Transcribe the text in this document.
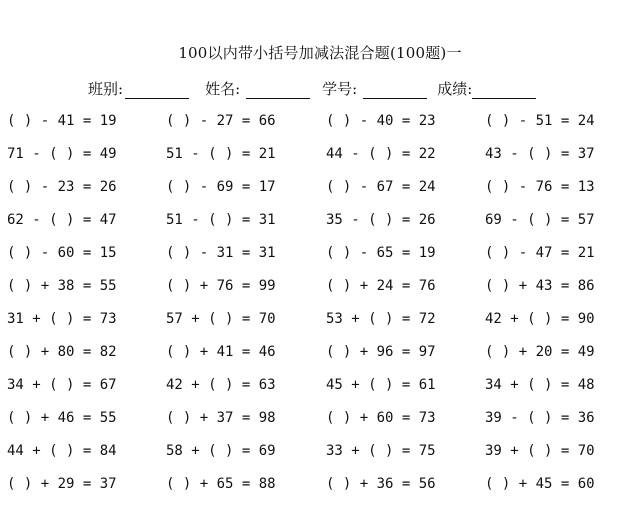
100以内带小括号加减法混合题(100题)一
班别:	姓名:	学号:	成绩:
( ) - 41 = 19	( ) - 27 = 66	( ) - 40 = 23	( ) - 51 = 24
71 - ( ) = 49	51 - ( ) = 21	44 - ( ) = 22	43 - ( ) = 37
( ) - 23 = 26	( ) - 69 = 17	( ) - 67 = 24	( ) - 76 = 13
62 - ( ) = 47	51 - ( ) = 31	35 - ( ) = 26	69 - ( ) = 57
( ) - 60 = 15	( ) - 31 = 31	( ) - 65 = 19	( ) - 47 = 21
( ) + 38 = 55	( ) + 76 = 99	( ) + 24 = 76	( ) + 43 = 86
31 + ( ) = 73	57 + ( ) = 70	53 + ( ) = 72	42 + ( ) = 90
( ) + 80 = 82	( ) + 41 = 46	( ) + 96 = 97	( ) + 20 = 49
34 + ( ) = 67	42 + ( ) = 63	45 + ( ) = 61	34 + ( ) = 48
( ) + 46 = 55	( ) + 37 = 98	( ) + 60 = 73	39 - ( ) = 36
44 + ( ) = 84	58 + ( ) = 69	33 + ( ) = 75	39 + ( ) = 70
( ) + 29 = 37	( ) + 65 = 88	( ) + 36 = 56	( ) + 45 = 60
